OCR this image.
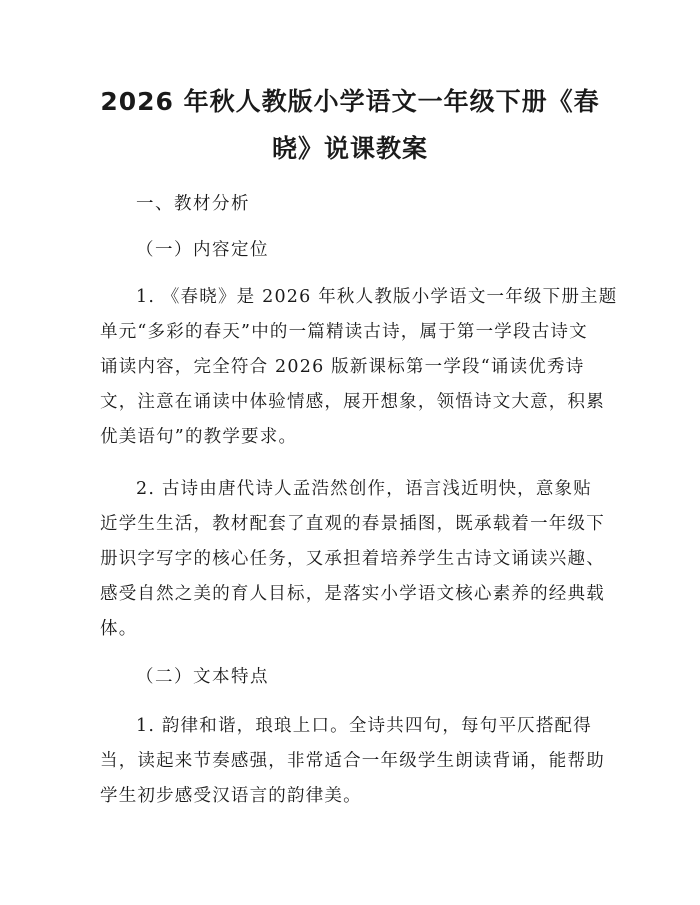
2026 年秋人教版小学语文一年级下册《春
晓》说课教案
一、教材分析
（一）内容定位
1. 《春晓》是 2026 年秋人教版小学语文一年级下册主题
单元“多彩的春天”中的一篇精读古诗，属于第一学段古诗文
诵读内容，完全符合 2026 版新课标第一学段“诵读优秀诗
文，注意在诵读中体验情感，展开想象，领悟诗文大意，积累
优美语句”的教学要求。
2. 古诗由唐代诗人孟浩然创作，语言浅近明快，意象贴
近学生生活，教材配套了直观的春景插图，既承载着一年级下
册识字写字的核心任务，又承担着培养学生古诗文诵读兴趣、
感受自然之美的育人目标，是落实小学语文核心素养的经典载
体。
（二）文本特点
1. 韵律和谐，琅琅上口。全诗共四句，每句平仄搭配得
当，读起来节奏感强，非常适合一年级学生朗读背诵，能帮助
学生初步感受汉语言的韵律美。
